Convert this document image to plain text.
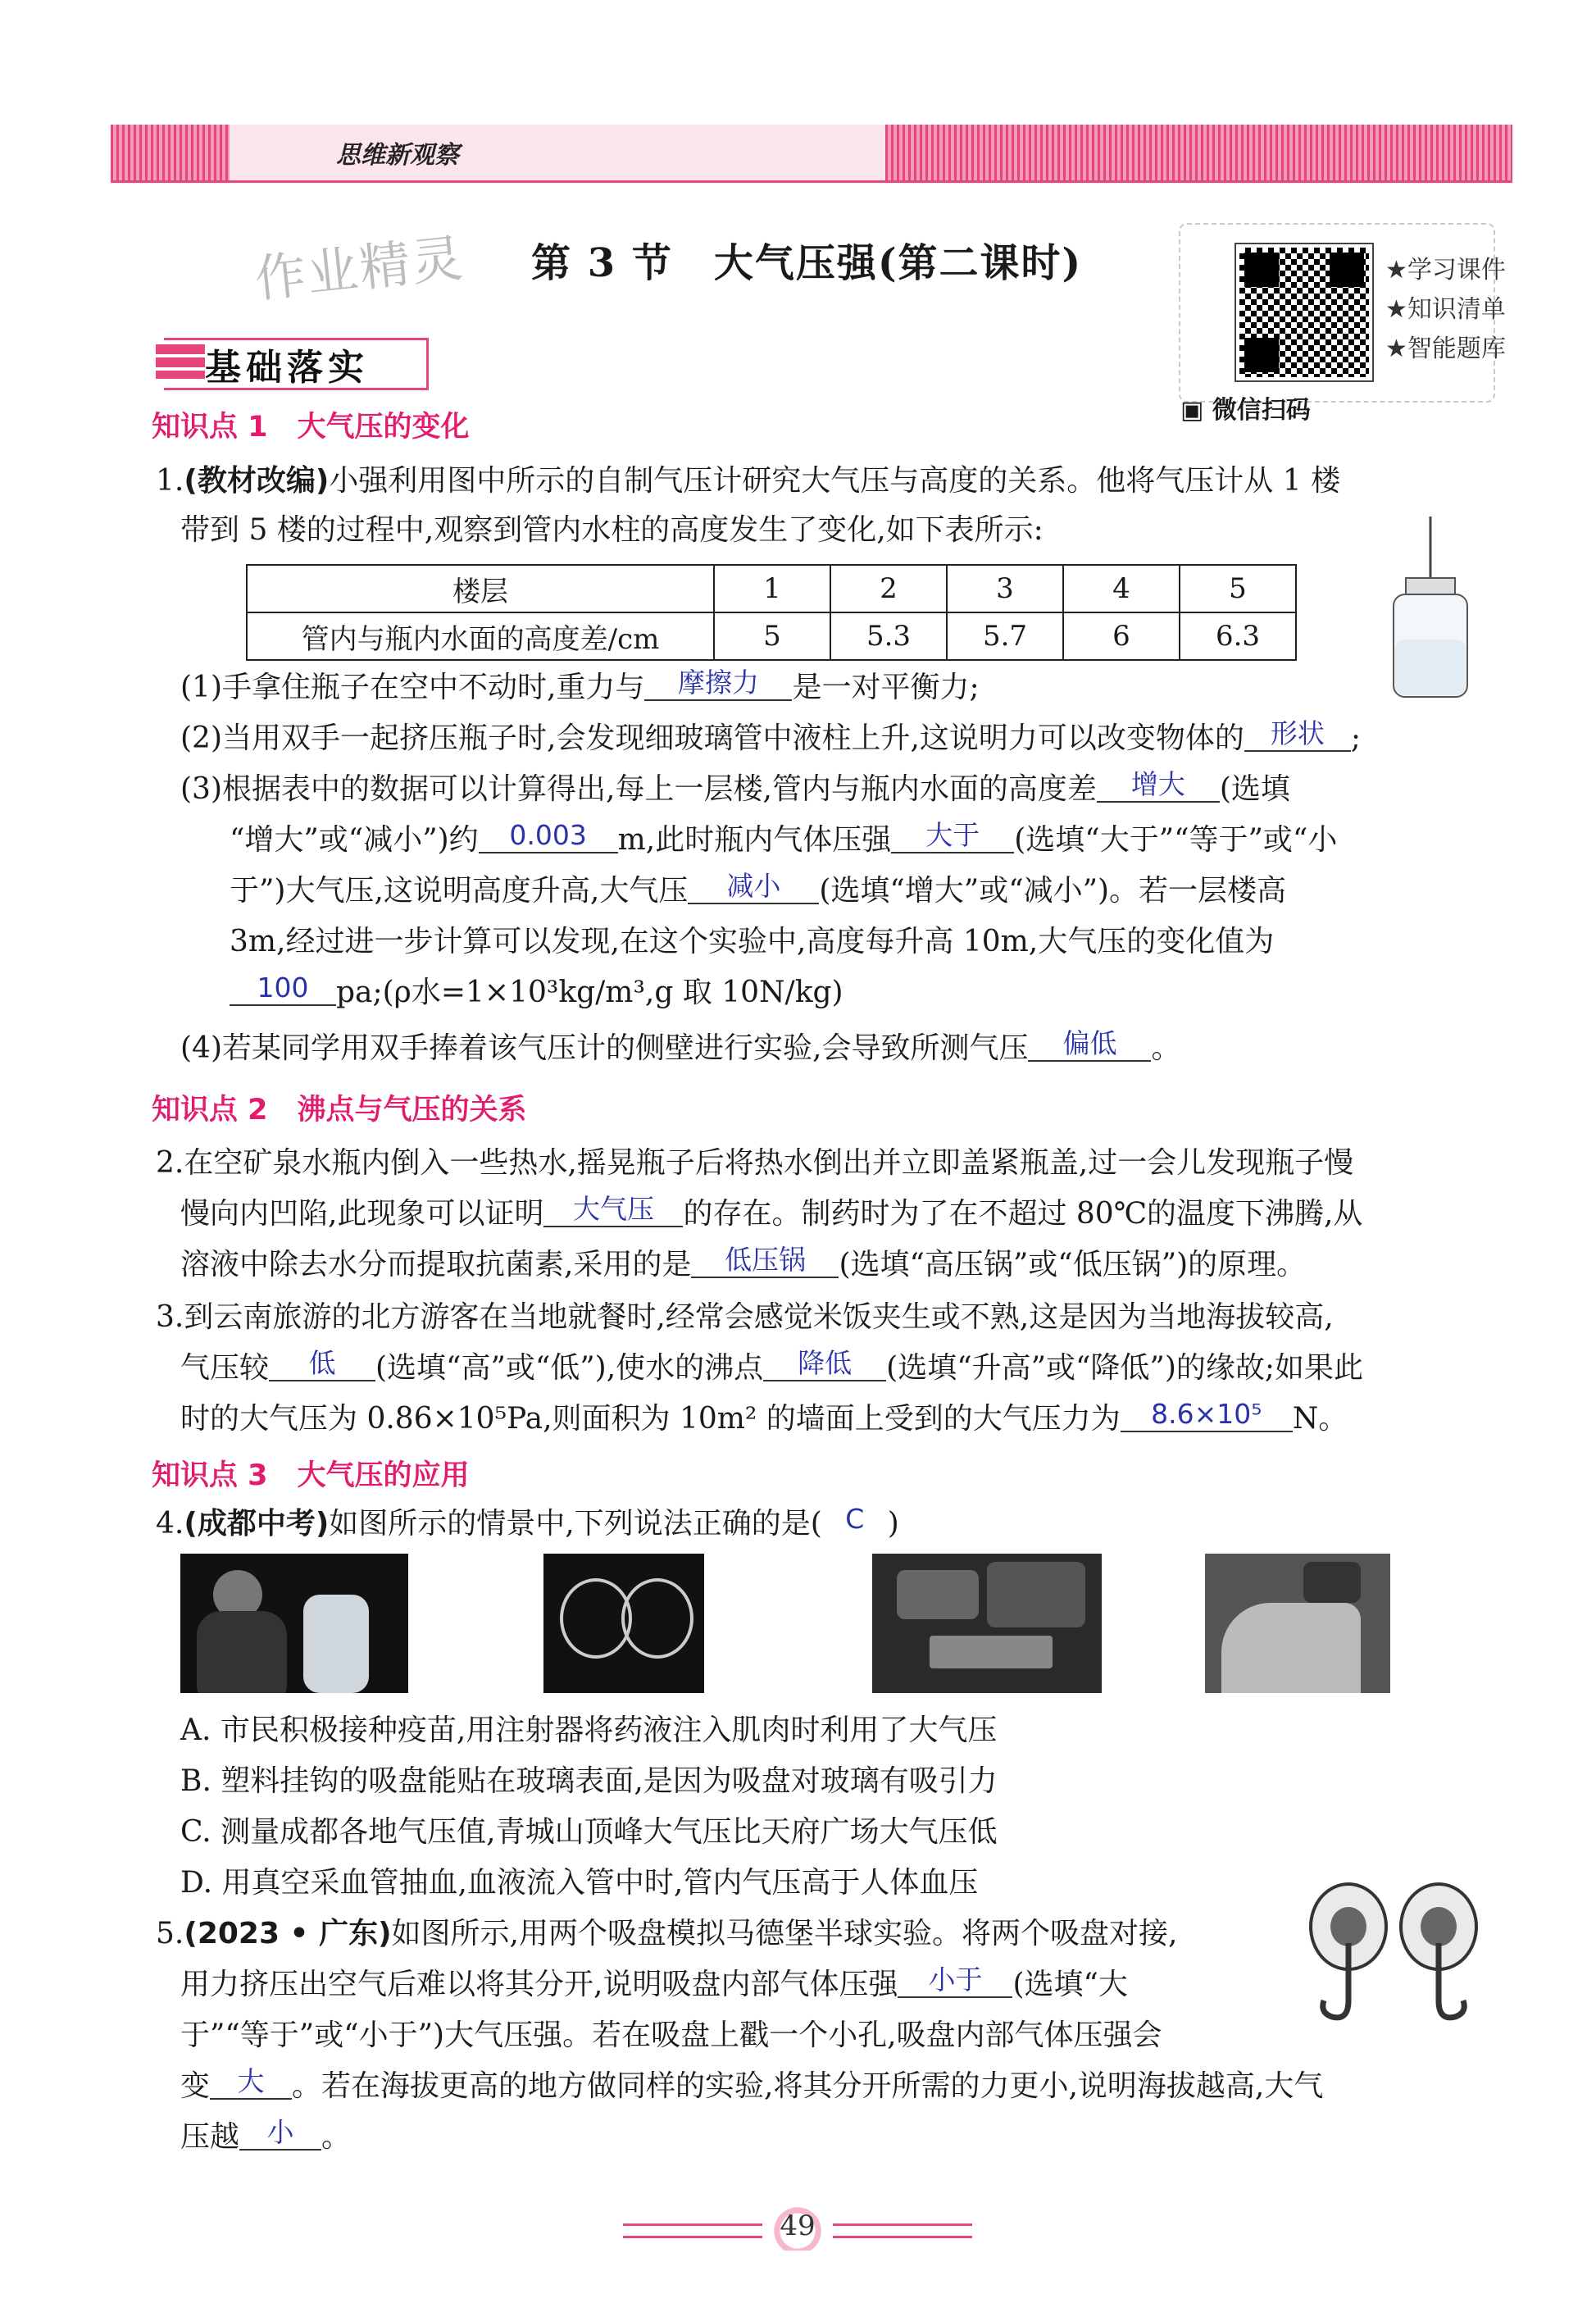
思维新观察
作业精灵 第 3 节　大气压强(第二课时)	★学习课件
★知识清单
★智能题库
▣ 微信扫码
基础落实
知识点 1 大气压的变化
1.(教材改编)小强利用图中所示的自制气压计研究大气压与高度的关系。他将气压计从 1 楼
带到 5 楼的过程中,观察到管内水柱的高度发生了变化,如下表所示:
楼层	1	2	3	4	5
管内与瓶内水面的高度差/cm	5	5.3	5.7	6	6.3
(1)手拿住瓶子在空中不动时,重力与 摩擦力 是一对平衡力;
(2)当用双手一起挤压瓶子时,会发现细玻璃管中液柱上升,这说明力可以改变物体的 形状 ;
(3)根据表中的数据可以计算得出,每上一层楼,管内与瓶内水面的高度差 增大 (选填
“增大”或“减小”)约 0.003 m,此时瓶内气体压强 大于 (选填“大于”“等于”或“小
于”)大气压,这说明高度升高,大气压 减小 (选填“增大”或“减小”)。若一层楼高
3m,经过进一步计算可以发现,在这个实验中,高度每升高 10m,大气压的变化值为
100 pa;(ρ水=1×10³kg/m³,g 取 10N/kg)
(4)若某同学用双手捧着该气压计的侧壁进行实验,会导致所测气压 偏低 。
知识点 2 沸点与气压的关系
2.在空矿泉水瓶内倒入一些热水,摇晃瓶子后将热水倒出并立即盖紧瓶盖,过一会儿发现瓶子慢
慢向内凹陷,此现象可以证明 大气压 的存在。制药时为了在不超过 80℃的温度下沸腾,从
溶液中除去水分而提取抗菌素,采用的是 低压锅 (选填“高压锅”或“低压锅”)的原理。
3.到云南旅游的北方游客在当地就餐时,经常会感觉米饭夹生或不熟,这是因为当地海拔较高,
气压较 低 (选填“高”或“低”),使水的沸点 降低 (选填“升高”或“降低”)的缘故;如果此
时的大气压为 0.86×10⁵Pa,则面积为 10m² 的墙面上受到的大气压力为 8.6×10⁵ N。
知识点 3 大气压的应用
4.(成都中考)如图所示的情景中,下列说法正确的是( C )
A. 市民积极接种疫苗,用注射器将药液注入肌肉时利用了大气压
B. 塑料挂钩的吸盘能贴在玻璃表面,是因为吸盘对玻璃有吸引力
C. 测量成都各地气压值,青城山顶峰大气压比天府广场大气压低
D. 用真空采血管抽血,血液流入管中时,管内气压高于人体血压
5.(2023 • 广东)如图所示,用两个吸盘模拟马德堡半球实验。将两个吸盘对接,
用力挤压出空气后难以将其分开,说明吸盘内部气体压强 小于 (选填“大
于”“等于”或“小于”)大气压强。若在吸盘上戳一个小孔,吸盘内部气体压强会
变 大 。若在海拔更高的地方做同样的实验,将其分开所需的力更小,说明海拔越高,大气
压越 小 。
49
